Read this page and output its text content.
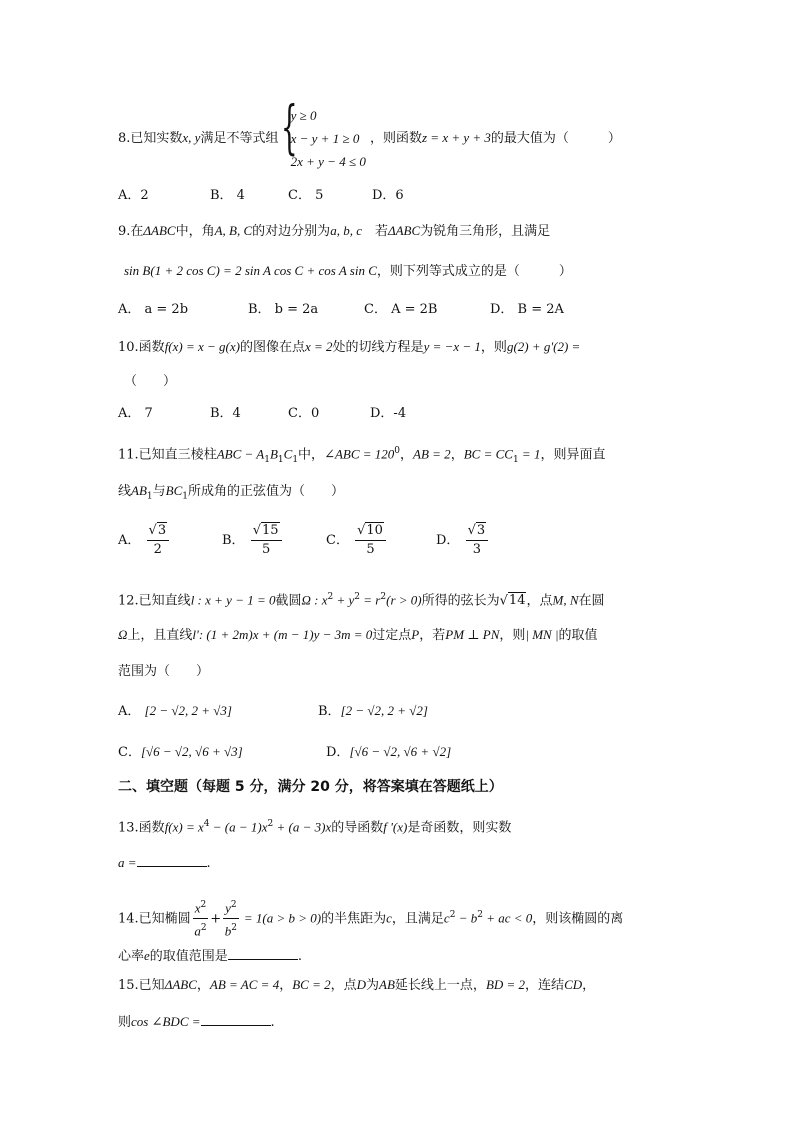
8.已知实数x, y满足不等式组 {
y ≥ 0
x − y + 1 ≥ 0
2x + y − 4 ≤ 0
，则函数z = x + y + 3的最大值为（　　　）
A．2	B． 4	C． 5	D．6
9.在ΔABC中，角A, B, C的对边分别为a, b, c　若ΔABC为锐角三角形，且满足
sin B(1 + 2 cos C) = 2 sin A cos C + cos A sin C，则下列等式成立的是（　　　）
A． a = 2b	B． b = 2a	C． A = 2B	D． B = 2A
10.函数f(x) = x − g(x)的图像在点x = 2处的切线方程是y = −x − 1，则g(2) + g'(2) =
（　　）
A． 7	B．4	C．0	D．-4
11.已知直三棱柱ABC − $A_1B_1C_1$中，∠ABC = $120^0$，AB = 2，BC = $CC_1 = 1$，则异面直
线$AB_1$与$BC_1$所成角的正弦值为（　　）
A． $\frac{√3}{2}$	B． $\frac{√15}{5}$	C． $\frac{√10}{5}$	D． $\frac{√3}{3}$
12.已知直线l : x + y − 1 = 0截圆Ω : $x^2 + y^2 = r^2(r > 0)$所得的弦长为√14，点M, N在圆
Ω上，且直线l': (1 + 2m)x + (m − 1)y − 3m = 0过定点P，若PM ⊥ PN，则| MN |的取值
范围为（　　）
A． [2 − √2, 2 + √3]	B．[2 − √2, 2 + √2]
C．[√6 − √2, √6 + √3]	D．[√6 − √2, √6 + √2]
二、填空题（每题 5 分，满分 20 分，将答案填在答题纸上）
13.函数$f(x) = x^4 - (a - 1)x^2 + (a - 3)x$的导函数f '(x)是奇函数，则实数
a =	.
14.已知椭圆 $\frac{x^2}{a^2} + \frac{y^2}{b^2} = 1(a > b > 0)$的半焦距为c，且满足$c^2 - b^2$ + ac < 0，则该椭圆的离
心率e的取值范围是	.
15.已知ΔABC，AB = AC = 4，BC = 2，点D为AB延长线上一点，BD = 2，连结CD，
则cos ∠BDC =	.
